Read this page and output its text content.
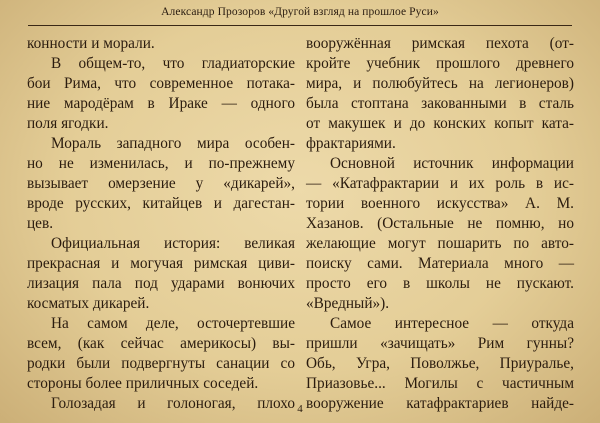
Александр Прозоров «Другой взгляд на прошлое Руси»
конности и морали.
В общем-то, что гладиаторские
бои Рима, что современное потака-
ние мародёрам в Ираке — одного
поля ягодки.
Мораль западного мира особен-
но не изменилась, и по-прежнему
вызывает омерзение у «дикарей»,
вроде русских, китайцев и дагестан-
цев.
Официальная история: великая
прекрасная и могучая римская циви-
лизация пала под ударами вонючих
косматых дикарей.
На самом деле, осточертевшие
всем, (как сейчас америкосы) вы-
родки были подвергнуты санации со
стороны более приличных соседей.
Голозадая и голоногая, плохо
вооружённая римская пехота (от-
кройте учебник прошлого древнего
мира, и полюбуйтесь на легионеров)
была стоптана закованными в сталь
от макушек и до конских копыт ката-
фрактариями.
Основной источник информации
— «Катафрактарии и их роль в ис-
тории военного искусства» А. М.
Хазанов. (Остальные не помню, но
желающие могут пошарить по авто-
поиску сами. Материала много —
просто его в школы не пускают.
«Вредный»).
Самое интересное — откуда
пришли «зачищать» Рим гунны?
Обь, Угра, Поволжье, Приуралье,
Приазовье... Могилы с частичным
вооружение катафрактариев найде-
4
